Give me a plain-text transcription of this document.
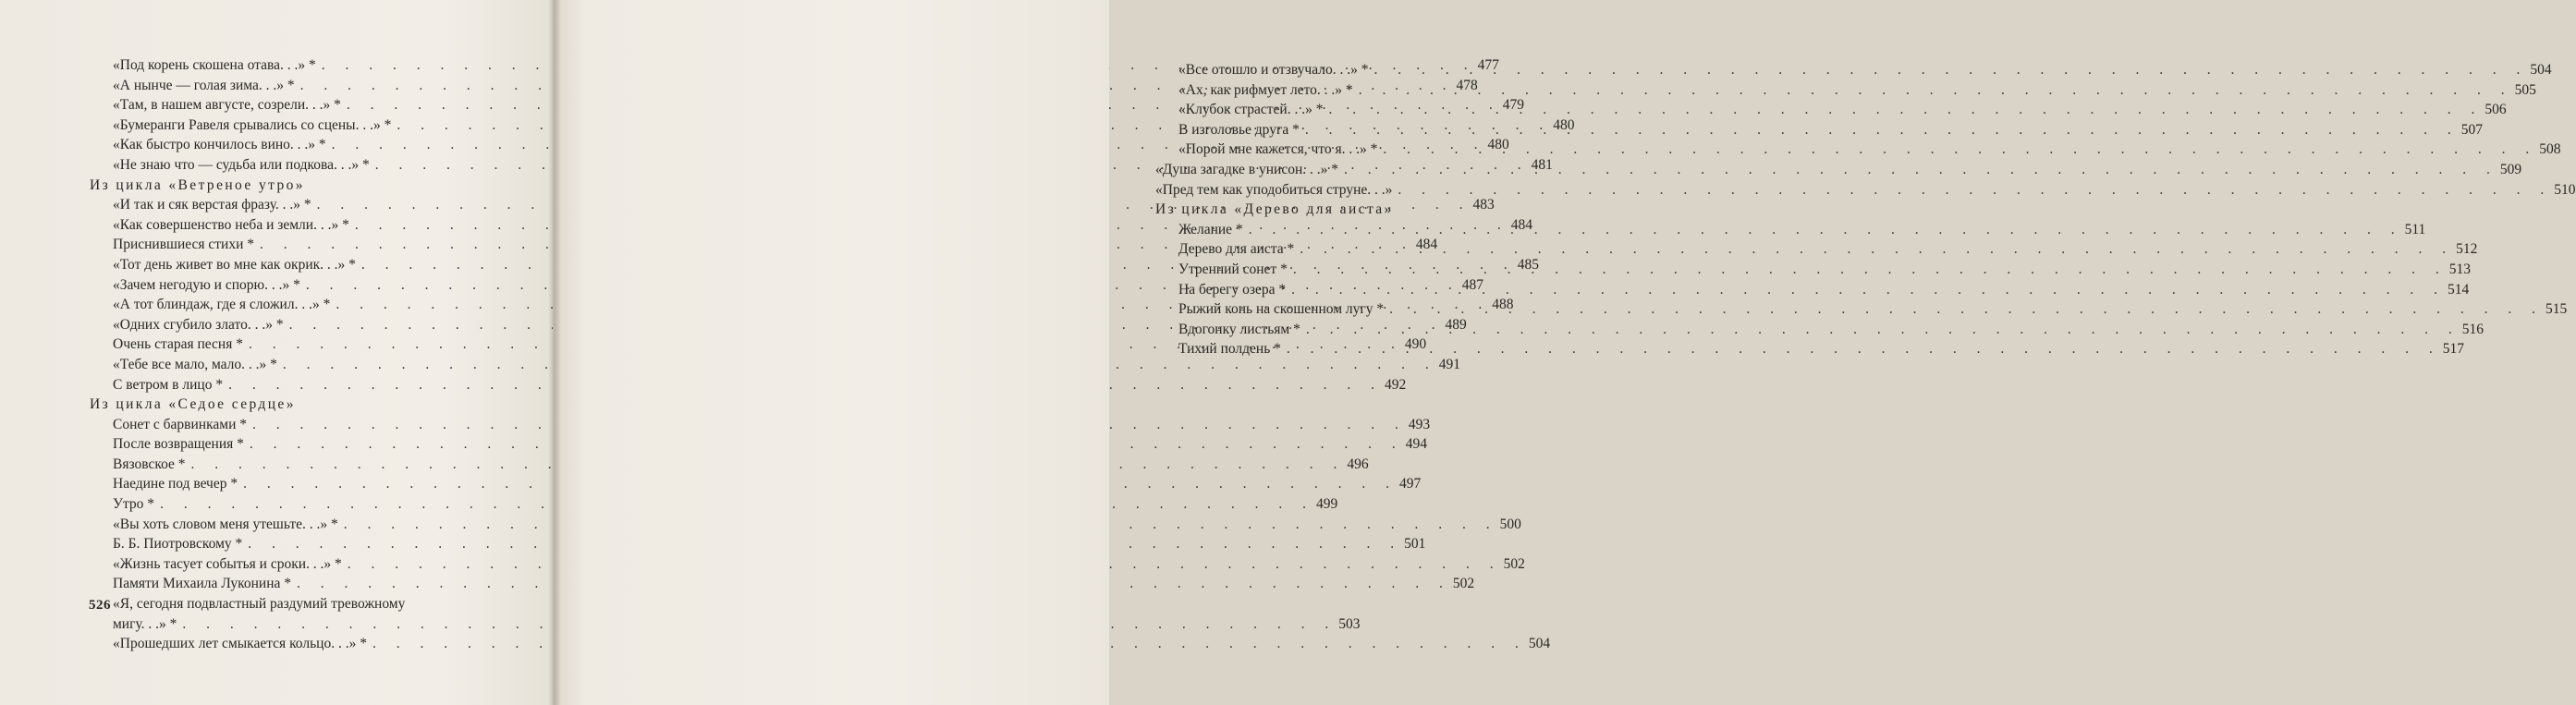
«Под корень скошена отава. . .» * . . .	477
«А нынче — голая зима. . .» * . . .	478
«Там, в нашем августе, созрели. . .» * . . .	479
«Бумеранги Равеля срывались со сцены. . .» * . . .	480
«Как быстро кончилось вино. . .» * . . .	480
«Не знаю что — судьба или подкова. . .» * . . .	481
Из цикла «Ветреное утро»
«И так и сяк верстая фразу. . .» * . . .	483
«Как совершенство неба и земли. . .» * . . .	484
Приснившиеся стихи * . . .	484
«Тот день живет во мне как окрик. . .» * . . .	485
«Зачем негодую и спорю. . .» * . . .	487
«А тот блиндаж, где я сложил. . .» * . . .	488
«Одних сгубило злато. . .» * . . .	489
Очень старая песня * . . .	490
«Тебе все мало, мало. . .» * . . .	491
С ветром в лицо * . . .	492
Из цикла «Седое сердце»
Сонет с барвинками * . . .	493
После возвращения * . . .	494
Вязовское * . . .	496
Наедине под вечер * . . .	497
Утро * . . .	499
«Вы хоть словом меня утешьте. . .» * . . .	500
Б. Б. Пиотровскому * . . .	501
«Жизнь тасует событья и сроки. . .» * . . .	502
Памяти Михаила Луконина * . . .	502
«Я, сегодня подвластный раздумий тревожному
мигу. . .» * . . .	503
«Прошедших лет смыкается кольцо. . .» * . . .	504
526
«Все отошло и отзвучало. . .» * . . .	504
«Ах, как рифмует лето. . .» * . . .	505
«Клубок страстей. . .» * . . .	506
В изголовье друга * . . .	507
«Порой мне кажется, что я. . .» * . . .	508
«Душа загадке в унисон. . .» * . . .	509
«Пред тем как уподобиться струне. . .» . . .	510
Из цикла «Дерево для аиста»
Желание * . . .	511
Дерево для аиста * . . .	512
Утренний сонет * . . .	513
На берегу озера * . . .	514
Рыжий конь на скошенном лугу * . . .	515
Вдогонку листьям * . . .	516
Тихий полдень * . . .	517
